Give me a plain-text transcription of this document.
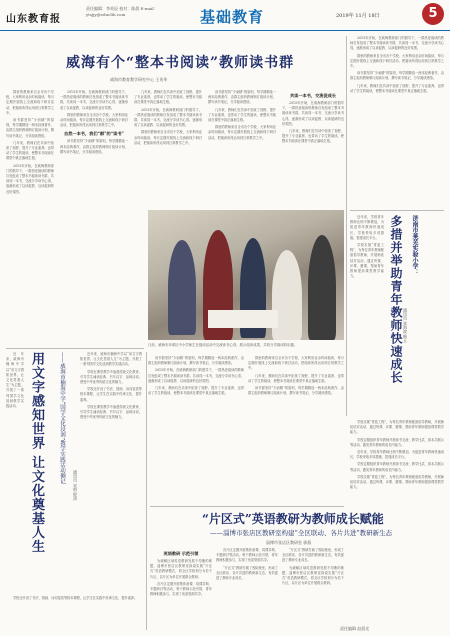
山东教育报
责任编辑：李英辰 校对：陈晨 E-mail：ytsjjy@educlib.com	基础教育	2019年 11月 18日	5
威海有个“整本书阅读”教师读书群
威海市教育教学研究中心 王英华

2015年开始，在威海教研部门的倡导下，一群热爱阅读的教师自发组成了整本书阅读读书群，共读同一本书，交流分享读书心得，逐渐形成了以读促教、以读促研的良好氛围。

群里的教师来自全市各个学校，大家利用业余时间阅读，每月定期开展线上交流和线下研讨活动，把阅读所得运用到日常教学之中。

自然一本书，我们“群”的“读书”

读书群坚持“少而精”的原则，每学期精选一两本经典著作，由群主组织教师制订阅读计划，撰写读书笔记，分享阅读感悟。

几年来，教师们在共读中拓宽了视野，提升了专业素养，也带动了学生的阅读，使整本书阅读在课堂中真正落地生根。

2015年开始，在威海教研部门的倡导下，一群热爱阅读的教师自发组成了整本书阅读读书群，共读同一本书，交流分享读书心得，逐渐形成了以读促教、以读促研的良好氛围。

群里的教师来自全市各个学校，大家利用业余时间阅读，每月定期开展线上交流和线下研讨活动，把阅读所得运用到日常教学之中。

读书群坚持“少而精”的原则，每学期精选一两本经典著作，由群主组织教师制订阅读计划，撰写读书笔记，分享阅读感悟。

几年来，教师们在共读中拓宽了视野，提升了专业素养，也带动了学生的阅读，使整本书阅读在课堂中真正落地生根。

群里的教师来自全市各个学校，大家利用业余时间阅读，每月定期开展线上交流和线下研讨活动，把阅读所得运用到日常教学之中。

共读一本书，交流促成长

2015年开始，在威海教研部门的倡导下，一群热爱阅读的教师自发组成了整本书阅读读书群，共读同一本书，交流分享读书心得，逐渐形成了以读促教、以读促研的良好氛围。

几年来，教师们在共读中拓宽了视野，提升了专业素养，也带动了学生的阅读，使整本书阅读在课堂中真正落地生根。

群里的教师来自全市各个学校，大家利用业余时间阅读，每月定期开展线上交流和线下研讨活动，把阅读所得运用到日常教学之中。

读书群坚持“少而精”的原则，每学期精选一两本经典著作，由群主组织教师制订阅读计划，撰写读书笔记，分享阅读感悟。

几年来，教师们在共读中拓宽了视野，提升了专业素养，也带动了学生的阅读，使整本书阅读在课堂中真正落地生根。

2015年开始，在威海教研部门的倡导下，一群热爱阅读的教师自发组成了整本书阅读读书群，共读同一本书，交流分享读书心得，逐渐形成了以读促教、以读促研的良好氛围。

日前，威海市环翠区中小学师生在阅读活动中交流读书心得，展示阅读成果，共同分享阅读的乐趣。

2015年开始，在威海教研部门的倡导下，一群热爱阅读的教师自发组成了整本书阅读读书群，共读同一本书，交流分享读书心得，逐渐形成了以读促教、以读促研的良好氛围。

群里的教师来自全市各个学校，大家利用业余时间阅读，每月定期开展线上交流和线下研讨活动，把阅读所得运用到日常教学之中。

读书群坚持“少而精”的原则，每学期精选一两本经典著作，由群主组织教师制订阅读计划，撰写读书笔记，分享阅读感悟。

几年来，教师们在共读中拓宽了视野，提升了专业素养，也带动了学生的阅读，使整本书阅读在课堂中真正落地生根。

济南市莱芜实验小学：
多措并举助青年教师快速成长 通讯员 张海波 韩玉

近年来，学校青年教师比例不断增加，为促进青年教师快速成长，学校采取多项措施，搭建成长平台。

学校实施“青蓝工程”，为每位青年教师配备指导教师，开展师徒结对活动，通过听课、评课、磨课，帮助青年教师提高课堂教学能力。

学校实施“青蓝工程”，为每位青年教师配备指导教师，开展师徒结对活动，通过听课、评课、磨课，帮助青年教师提高课堂教学能力。

学校定期组织青年教师开展读书交流、教学比武、基本功展示等活动，激发青年教师的成长内驱力。

近年来，学校青年教师比例不断增加，为促进青年教师快速成长，学校采取多项措施，搭建成长平台。

学校定期组织青年教师开展读书交流、教学比武、基本功展示等活动，激发青年教师的成长内驱力。

学校实施“青蓝工程”，为每位青年教师配备指导教师，开展师徒结对活动，通过听课、评课、磨课，帮助青年教师提高课堂教学能力。

读书群坚持“少而精”的原则，每学期精选一两本经典著作，由群主组织教师制订阅读计划，撰写读书笔记，分享阅读感悟。

2015年开始，在威海教研部门的倡导下，一群热爱阅读的教师自发组成了整本书阅读读书群，共读同一本书，交流分享读书心得，逐渐形成了以读促教、以读促研的良好氛围。

几年来，教师们在共读中拓宽了视野，提升了专业素养，也带动了学生的阅读，使整本书阅读在课堂中真正落地生根。

群里的教师来自全市各个学校，大家利用业余时间阅读，每月定期开展线上交流和线下研讨活动，把阅读所得运用到日常教学之中。

几年来，教师们在共读中拓宽了视野，提升了专业素养，也带动了学生的阅读，使整本书阅读在课堂中真正落地生根。

读书群坚持“少而精”的原则，每学期精选一两本经典著作，由群主组织教师制订阅读计划，撰写读书笔记，分享阅读感悟。

近年来，威海市楠海中学以“用文字感知世界，让文化奠基人生”为主题，开展了一系列国学文化浸润教学实践活动。 用文字感知世界 让文化奠基人生	——威海市楠海中学“国学文化浸润”教学实践活动侧记
通讯员 宋相 殷涛

近年来，威海市楠海中学以“用文字感知世界，让文化奠基人生”为主题，开展了一系列国学文化浸润教学实践活动。

学校在课堂教学中渗透传统文化教育，引导学生诵读经典、书写汉字、品味诗词，感受中华优秀传统文化的魅力。

学校还开设了书法、国画、诗词鉴赏等校本课程，让学生在实践中传承文化、提升素养。

学校在课堂教学中渗透传统文化教育，引导学生诵读经典、书写汉字、品味诗词，感受中华优秀传统文化的魅力。

学校还开设了书法、国画、诗词鉴赏等校本课程，让学生在实践中传承文化、提升素养。

“片区式”英语教研为教师成长赋能
——淄博市张店区教研室构建“全区联动、各片共进”教研新生态
淄博市张店区教研室 郭燕
英语教研 示范引领

为破解区域英语教研发展不均衡的难题，淄博市张店区教研室探索实施“片区式”英语教研模式，将全区学校划分为若干片区，以片区为单位开展联合教研。

各片区定期开展集体备课、同课异构、专题研讨等活动，骨干教师示范引领，青年教师积极参与，实现了优质资源共享。

各片区定期开展集体备课、同课异构、专题研讨等活动，骨干教师示范引领，青年教师积极参与，实现了优质资源共享。

“片区式”教研打破了校际壁垒，形成了全区联动、各片共进的教研新生态，有效促进了教师专业成长。

“片区式”教研打破了校际壁垒，形成了全区联动、各片共进的教研新生态，有效促进了教师专业成长。

为破解区域英语教研发展不均衡的难题，淄博市张店区教研室探索实施“片区式”英语教研模式，将全区学校划分为若干片区，以片区为单位开展联合教研。

责任编辑 赵晨光
